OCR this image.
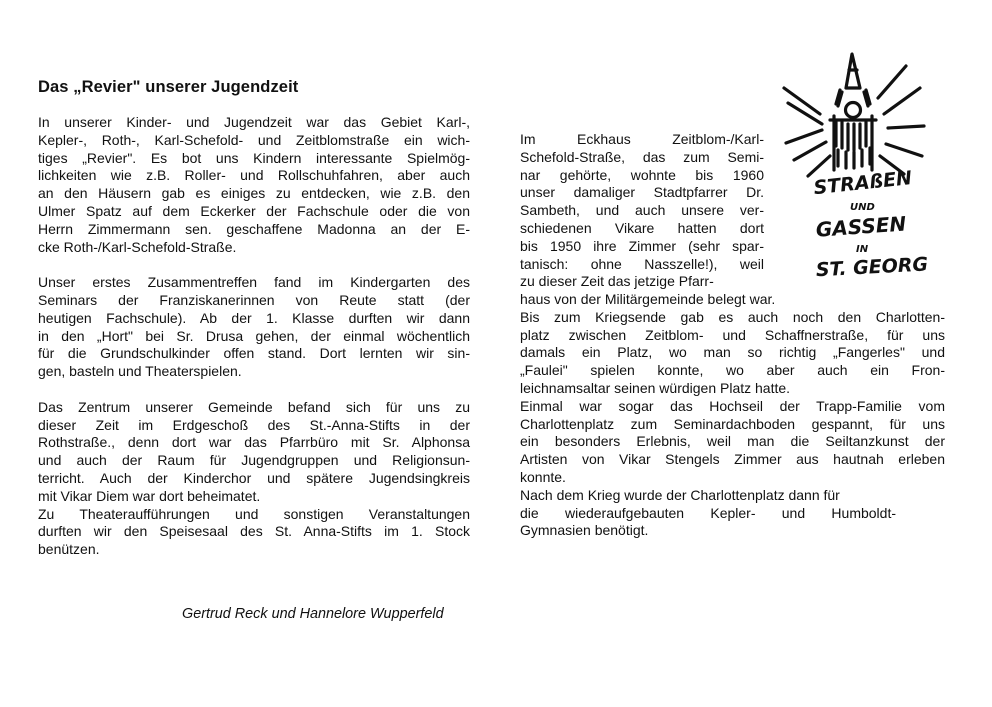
Das „Revier" unserer Jugendzeit

In unserer Kinder- und Jugendzeit war das Gebiet Karl-,
Kepler-, Roth-, Karl-Schefold- und Zeitblomstraße ein wich-
tiges „Revier". Es bot uns Kindern interessante Spielmög-
lichkeiten wie z.B. Roller- und Rollschuhfahren, aber auch
an den Häusern gab es einiges zu entdecken, wie z.B. den
Ulmer Spatz auf dem Eckerker der Fachschule oder die von
Herrn Zimmermann sen. geschaffene Madonna an der E-
cke Roth-/Karl-Schefold-Straße.

Unser erstes Zusammentreffen fand im Kindergarten des
Seminars der Franziskanerinnen von Reute statt (der
heutigen Fachschule). Ab der 1. Klasse durften wir dann
in den „Hort" bei Sr. Drusa gehen, der einmal wöchentlich
für die Grundschulkinder offen stand. Dort lernten wir sin-
gen, basteln und Theaterspielen.

Das Zentrum unserer Gemeinde befand sich für uns zu
dieser Zeit im Erdgeschoß des St.-Anna-Stifts in der
Rothstraße., denn dort war das Pfarrbüro mit Sr. Alphonsa
und auch der Raum für Jugendgruppen und Religionsun-
terricht. Auch der Kinderchor und spätere Jugendsingkreis
mit Vikar Diem war dort beheimatet.

Zu Theateraufführungen und sonstigen Veranstaltungen
durften wir den Speisesaal des St. Anna-Stifts im 1. Stock
benützen.

Im Eckhaus Zeitblom-/Karl-
Schefold-Straße, das zum Semi-
nar gehörte, wohnte bis 1960
unser damaliger Stadtpfarrer Dr.
Sambeth, und auch unsere ver-
schiedenen Vikare hatten dort
bis 1950 ihre Zimmer (sehr spar-
tanisch: ohne Nasszelle!), weil
zu dieser Zeit das jetzige Pfarr-

haus von der Militärgemeinde belegt war.

Bis zum Kriegsende gab es auch noch den Charlotten-
platz zwischen Zeitblom- und Schaffnerstraße, für uns
damals ein Platz, wo man so richtig „Fangerles" und
„Faulei" spielen konnte, wo aber auch ein Fron-
leichnamsaltar seinen würdigen Platz hatte.

Einmal war sogar das Hochseil der Trapp-Familie vom
Charlottenplatz zum Seminardachboden gespannt, für uns
ein besonders Erlebnis, weil man die Seiltanzkunst der
Artisten von Vikar Stengels Zimmer aus hautnah erleben
konnte.

Nach dem Krieg wurde der Charlottenplatz dann für
die wiederaufgebauten Kepler- und Humboldt-
Gymnasien benötigt.

Gertrud Reck und Hannelore Wupperfeld

STRAßEN
UND
GASSEN
IN
ST. GEORG
